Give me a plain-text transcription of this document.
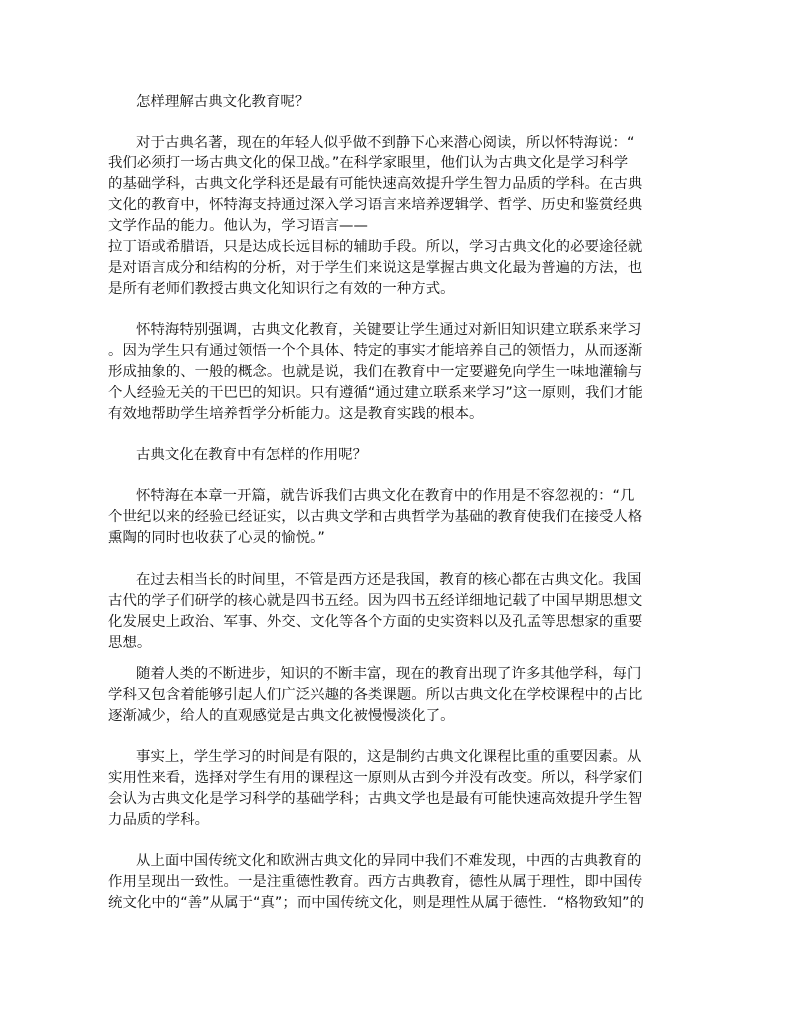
怎样理解古典文化教育呢？
对于古典名著，现在的年轻人似乎做不到静下心来潜心阅读，所以怀特海说：“
我们必须打一场古典文化的保卫战。”在科学家眼里，他们认为古典文化是学习科学
的基础学科，古典文化学科还是最有可能快速高效提升学生智力品质的学科。在古典
文化的教育中，怀特海支持通过深入学习语言来培养逻辑学、哲学、历史和鉴赏经典
文学作品的能力。他认为，学习语言——
拉丁语或希腊语，只是达成长远目标的辅助手段。所以，学习古典文化的必要途径就
是对语言成分和结构的分析，对于学生们来说这是掌握古典文化最为普遍的方法，也
是所有老师们教授古典文化知识行之有效的一种方式。
怀特海特别强调，古典文化教育，关键要让学生通过对新旧知识建立联系来学习
。因为学生只有通过领悟一个个具体、特定的事实才能培养自己的领悟力，从而逐渐
形成抽象的、一般的概念。也就是说，我们在教育中一定要避免向学生一味地灌输与
个人经验无关的干巴巴的知识。只有遵循“通过建立联系来学习”这一原则，我们才能
有效地帮助学生培养哲学分析能力。这是教育实践的根本。
古典文化在教育中有怎样的作用呢？
怀特海在本章一开篇，就告诉我们古典文化在教育中的作用是不容忽视的：“几
个世纪以来的经验已经证实，以古典文学和古典哲学为基础的教育使我们在接受人格
熏陶的同时也收获了心灵的愉悦。”
在过去相当长的时间里，不管是西方还是我国，教育的核心都在古典文化。我国
古代的学子们研学的核心就是四书五经。因为四书五经详细地记载了中国早期思想文
化发展史上政治、军事、外交、文化等各个方面的史实资料以及孔孟等思想家的重要
思想。
随着人类的不断进步，知识的不断丰富，现在的教育出现了许多其他学科，每门
学科又包含着能够引起人们广泛兴趣的各类课题。所以古典文化在学校课程中的占比
逐渐减少，给人的直观感觉是古典文化被慢慢淡化了。
事实上，学生学习的时间是有限的，这是制约古典文化课程比重的重要因素。从
实用性来看，选择对学生有用的课程这一原则从古到今并没有改变。所以，科学家们
会认为古典文化是学习科学的基础学科；古典文学也是最有可能快速高效提升学生智
力品质的学科。
从上面中国传统文化和欧洲古典文化的异同中我们不难发现，中西的古典教育的
作用呈现出一致性。一是注重德性教育。西方古典教育，德性从属于理性，即中国传
统文化中的“善”从属于“真”；而中国传统文化，则是理性从属于德性．“格物致知”的
